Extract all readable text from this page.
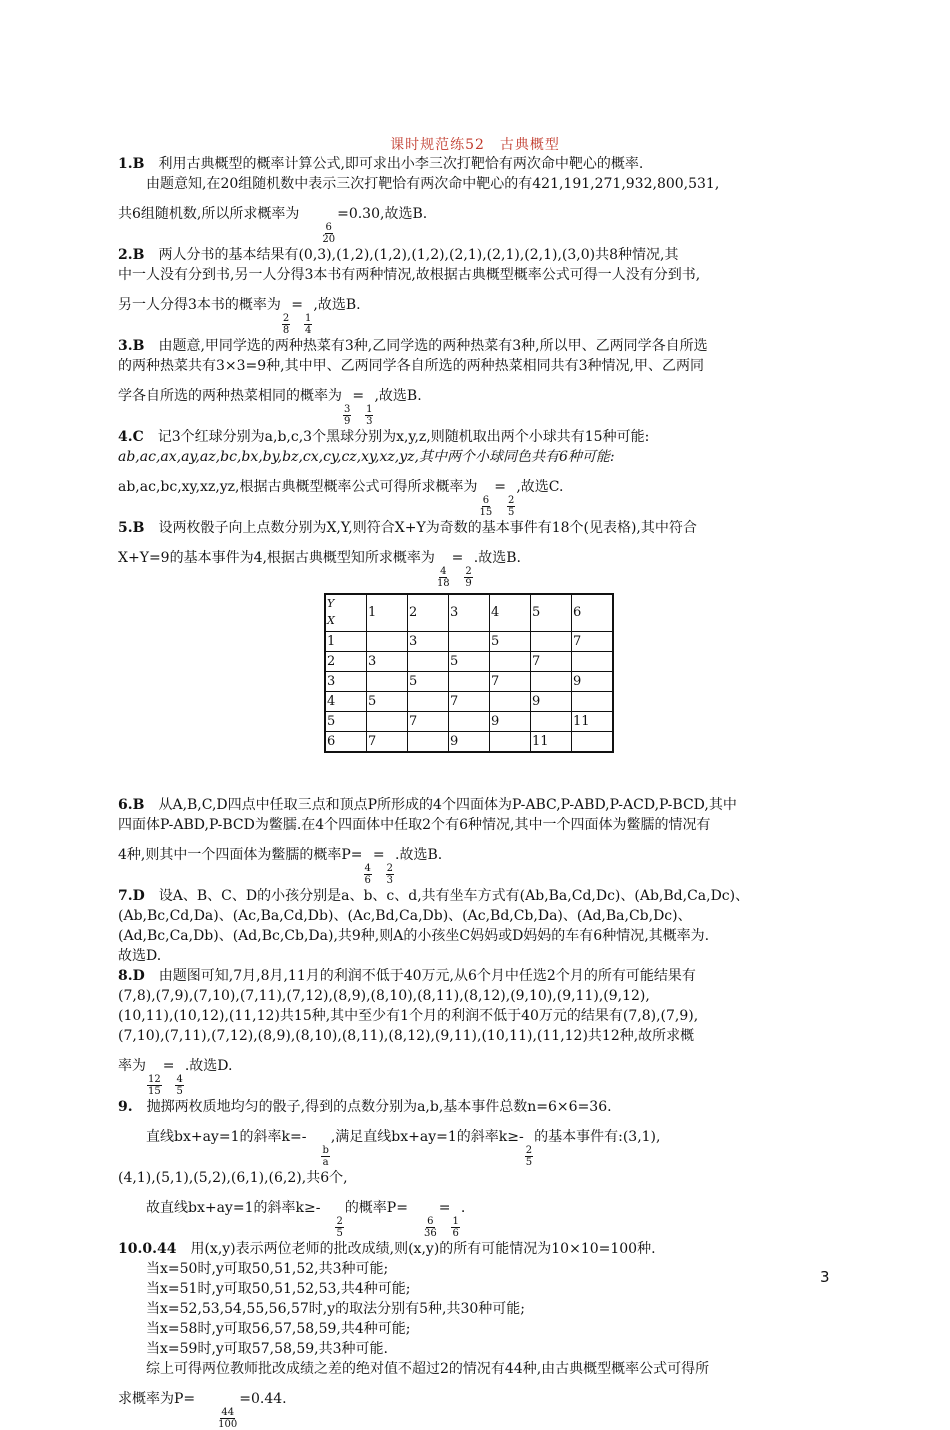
课时规范练52　古典概型

1.B　利用古典概型的概率计算公式,即可求出小李三次打靶恰有两次命中靶心的概率.

由题意知,在20组随机数中表示三次打靶恰有两次命中靶心的有421,191,271,932,800,531,

共6组随机数,所以所求概率为  
$\frac{6}{20}$
=0.30,故选B.

2.B　两人分书的基本结果有(0,3),(1,2),(1,2),(1,2),(2,1),(2,1),(2,1),(3,0)共8种情况,其

中一人没有分到书,另一人分得3本书有两种情况,故根据古典概型概率公式可得一人没有分到书,

另一人分得3本书的概率为
$\frac{2}{8}$
=
$\frac{1}{4}$
,故选B.

3.B　由题意,甲同学选的两种热菜有3种,乙同学选的两种热菜有3种,所以甲、乙两同学各自所选

的两种热菜共有3×3=9种,其中甲、乙两同学各自所选的两种热菜相同共有3种情况,甲、乙两同

学各自所选的两种热菜相同的概率为
$\frac{3}{9}$
=
$\frac{1}{3}$
,故选B.

4.C　记3个红球分别为a,b,c,3个黑球分别为x,y,z,则随机取出两个小球共有15种可能:

ab,ac,ax,ay,az,bc,bx,by,bz,cx,cy,cz,xy,xz,yz,其中两个小球同色共有6种可能:

ab,ac,bc,xy,xz,yz,根据古典概型概率公式可得所求概率为
$\frac{6}{15}$
=
$\frac{2}{5}$
,故选C.

5.B　设两枚骰子向上点数分别为X,Y,则符合X+Y为奇数的基本事件有18个(见表格),其中符合

X+Y=9的基本事件为4,根据古典概型知所求概率为
$\frac{4}{18}$
=
$\frac{2}{9}$
.故选B.

Y
X	1	2	3	4	5	6
1		3		5		7
2	3		5		7	
3		5		7		9
4	5		7		9	
5		7		9		11
6	7		9		11	

6.B　从A,B,C,D四点中任取三点和顶点P所形成的4个四面体为P-ABC,P-ABD,P-ACD,P-BCD,其中

四面体P-ABD,P-BCD为鳖臑.在4个四面体中任取2个有6种情况,其中一个四面体为鳖臑的情况有

4种,则其中一个四面体为鳖臑的概率P=
$\frac{4}{6}$
=
$\frac{2}{3}$
.故选B.

7.D　设A、B、C、D的小孩分别是a、b、c、d,共有坐车方式有(Ab,Ba,Cd,Dc)、(Ab,Bd,Ca,Dc)、

(Ab,Bc,Cd,Da)、(Ac,Ba,Cd,Db)、(Ac,Bd,Ca,Db)、(Ac,Bd,Cb,Da)、(Ad,Ba,Cb,Dc)、

(Ad,Bc,Ca,Db)、(Ad,Bc,Cb,Da),共9种,则A的小孩坐C妈妈或D妈妈的车有6种情况,其概率为.

故选D.

8.D　由题图可知,7月,8月,11月的利润不低于40万元,从6个月中任选2个月的所有可能结果有

(7,8),(7,9),(7,10),(7,11),(7,12),(8,9),(8,10),(8,11),(8,12),(9,10),(9,11),(9,12),

(10,11),(10,12),(11,12)共15种,其中至少有1个月的利润不低于40万元的结果有(7,8),(7,9),

(7,10),(7,11),(7,12),(8,9),(8,10),(8,11),(8,12),(9,11),(10,11),(11,12)共12种,故所求概

率为
$\frac{12}{15}$
=
$\frac{4}{5}$
.故选D.

9.　抛掷两枚质地均匀的骰子,得到的点数分别为a,b,基本事件总数n=6×6=36.

直线bx+ay=1的斜率k=- 
$\frac{b}{a}$
,满足直线bx+ay=1的斜率k≥-
$\frac{2}{5}$
的基本事件有:(3,1),

(4,1),(5,1),(5,2),(6,1),(6,2),共6个,

故直线bx+ay=1的斜率k≥- 
$\frac{2}{5}$
的概率P= 
$\frac{6}{36}$
=
$\frac{1}{6}$
.

10.0.44　用(x,y)表示两位老师的批改成绩,则(x,y)的所有可能情况为10×10=100种.

当x=50时,y可取50,51,52,共3种可能;

当x=51时,y可取50,51,52,53,共4种可能;

当x=52,53,54,55,56,57时,y的取法分别有5种,共30种可能;

当x=58时,y可取56,57,58,59,共4种可能;

当x=59时,y可取57,58,59,共3种可能.

综上可得两位教师批改成绩之差的绝对值不超过2的情况有44种,由古典概型概率公式可得所

求概率为P=  
$\frac{44}{100}$
=0.44.

3
